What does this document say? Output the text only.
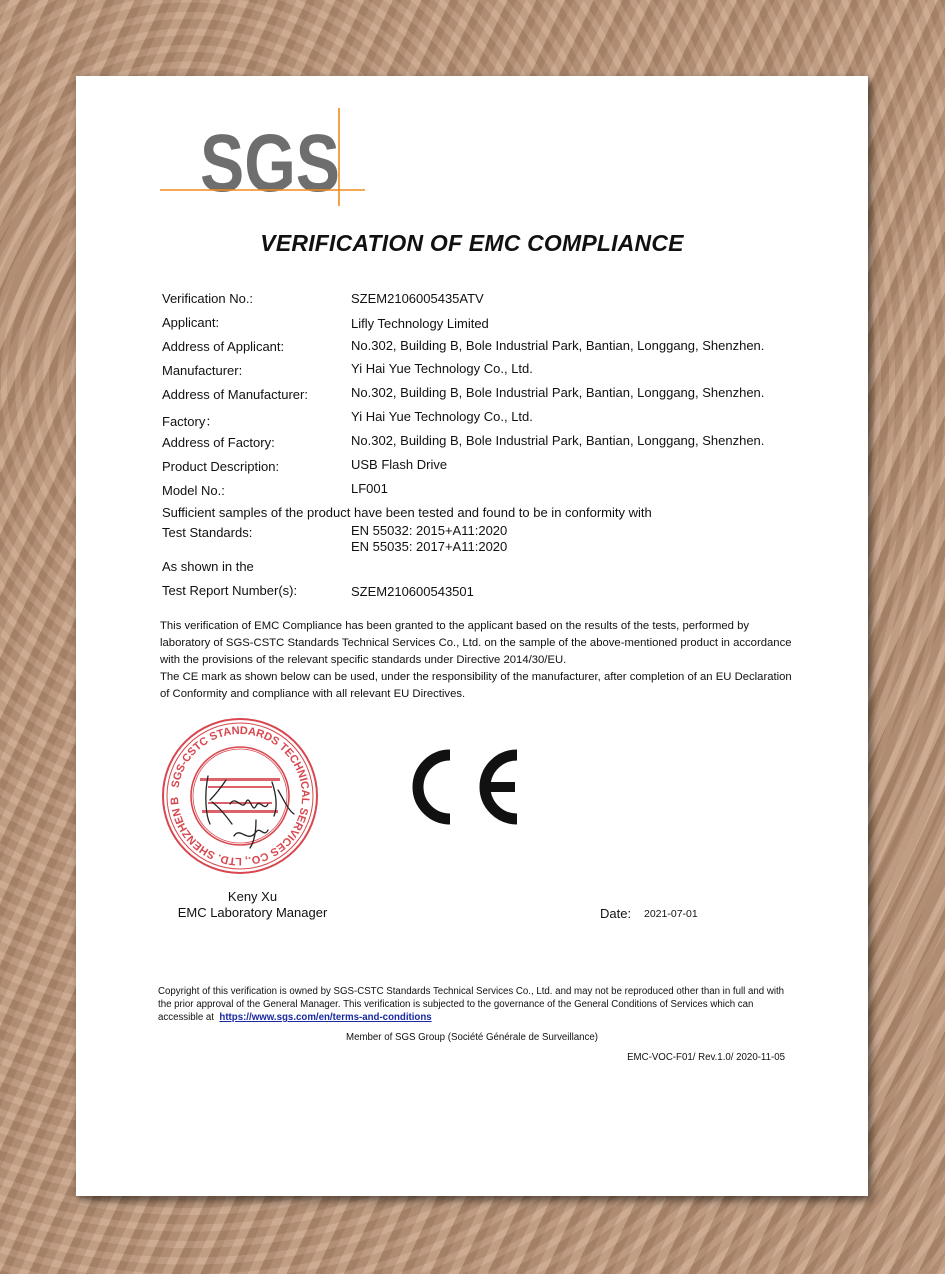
SGS
VERIFICATION OF EMC COMPLIANCE
Verification No.:	SZEM2106005435ATV
Applicant:	Lifly Technology Limited
Address of Applicant:	No.302, Building B, Bole Industrial Park, Bantian, Longgang, Shenzhen.
Manufacturer:	Yi Hai Yue Technology Co., Ltd.
Address of Manufacturer:	No.302, Building B, Bole Industrial Park, Bantian, Longgang, Shenzhen.
Factory：	Yi Hai Yue Technology Co., Ltd.
Address of Factory:	No.302, Building B, Bole Industrial Park, Bantian, Longgang, Shenzhen.
Product Description:	USB Flash Drive
Model No.:	LF001
Sufficient samples of the product have been tested and found to be in conformity with
Test Standards:	EN 55032: 2015+A11:2020
EN 55035: 2017+A11:2020
As shown in the
Test Report Number(s):	SZEM210600543501

This verification of EMC Compliance has been granted to the applicant based on the results of the tests, performed by laboratory of SGS-CSTC Standards Technical Services Co., Ltd. on the sample of the above-mentioned product in accordance with the provisions of the relevant specific standards under Directive 2014/30/EU.

The CE mark as shown below can be used, under the responsibility of the manufacturer, after completion of an EU Declaration of Conformity and compliance with all relevant EU Directives.

SGS-CSTC STANDARDS TECHNICAL SERVICES CO., LTD. SHENZHEN B
Keny Xu
EMC Laboratory Manager	Date: 2021-07-01
Copyright of this verification is owned by SGS-CSTC Standards Technical Services Co., Ltd. and may not be reproduced other than in full and with the prior approval of the General Manager. This verification is subjected to the governance of the General Conditions of Services which can accessible at https://www.sgs.com/en/terms-and-conditions
Member of SGS Group (Société Générale de Surveillance)
EMC-VOC-F01/ Rev.1.0/ 2020-11-05
